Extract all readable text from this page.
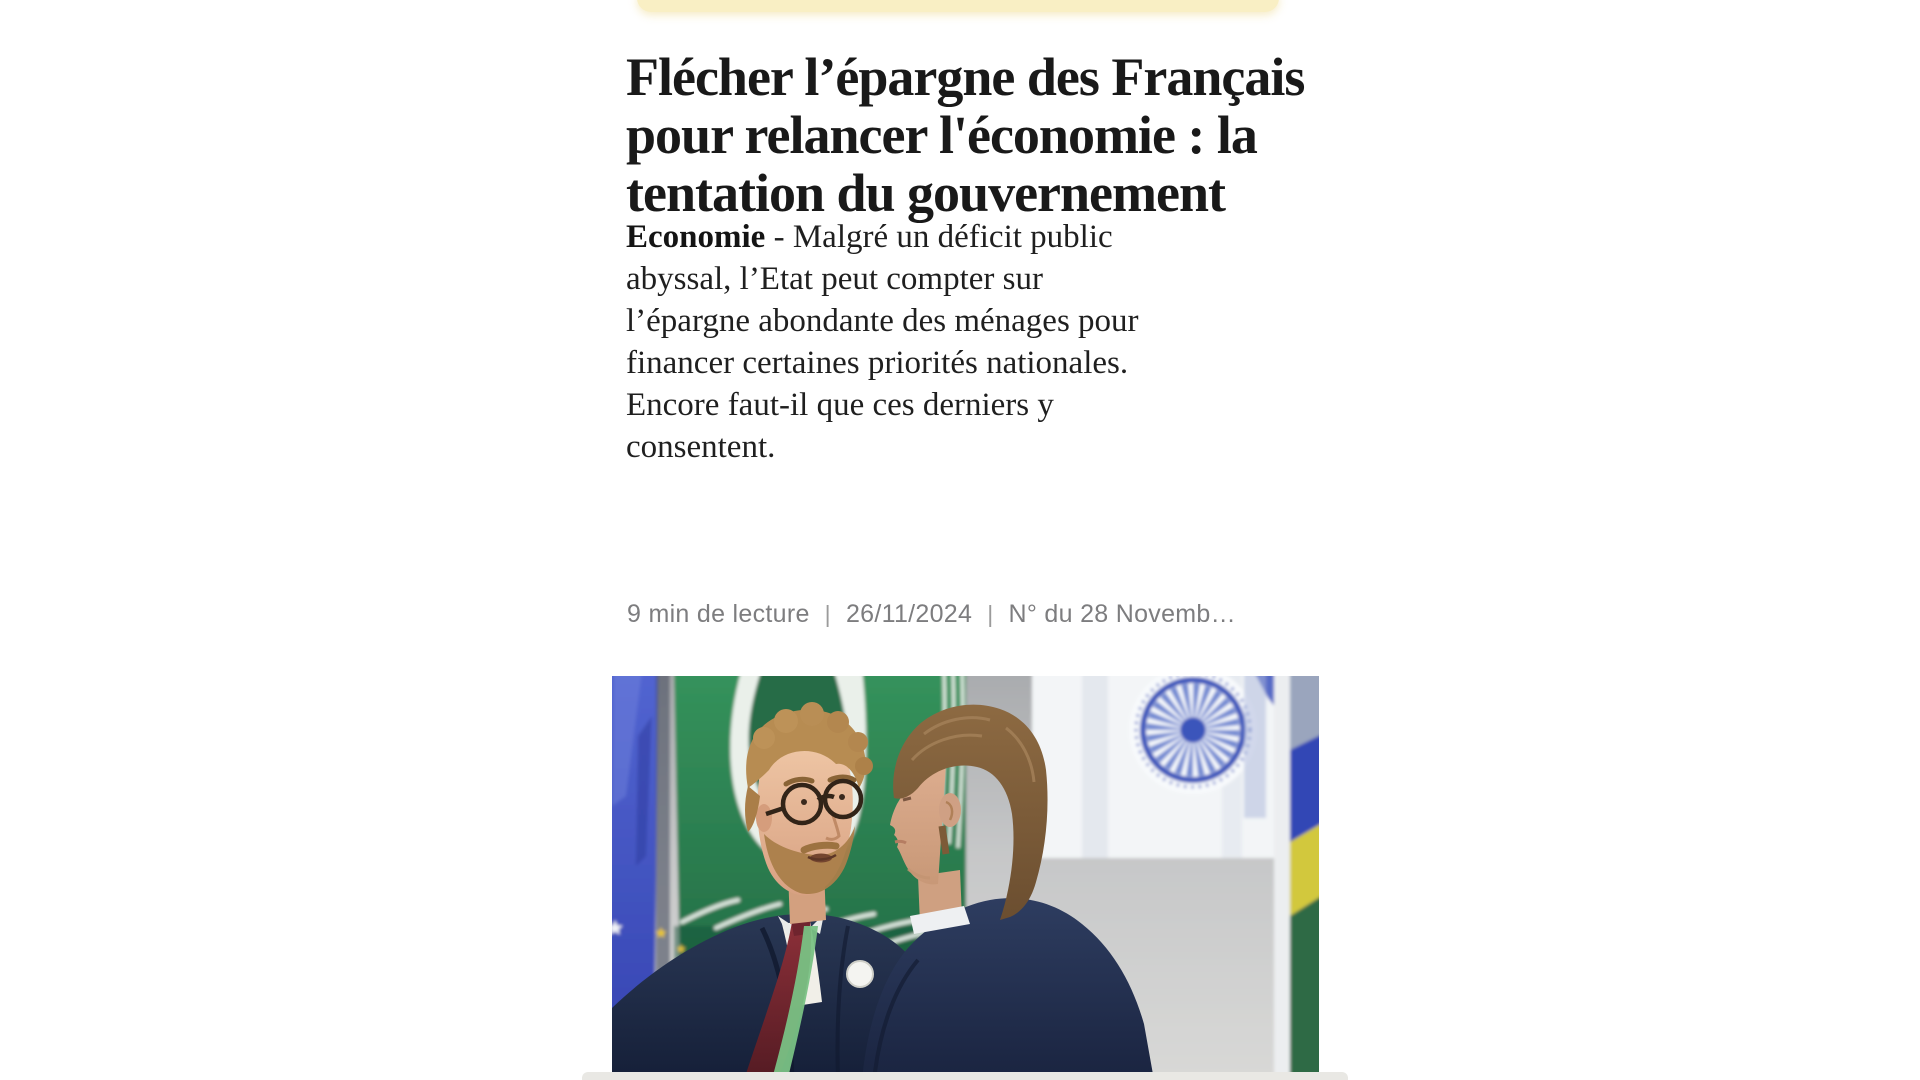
Flécher l’épargne des Français
pour relancer l'économie : la
tentation du gouvernement

Economie - Malgré un déficit public
abyssal, l’Etat peut compter sur
l’épargne abondante des ménages pour
financer certaines priorités nationales.
Encore faut-il que ces derniers y
consentent.

9 min de lecture | 26/11/2024 | N° du 28 Novemb…
